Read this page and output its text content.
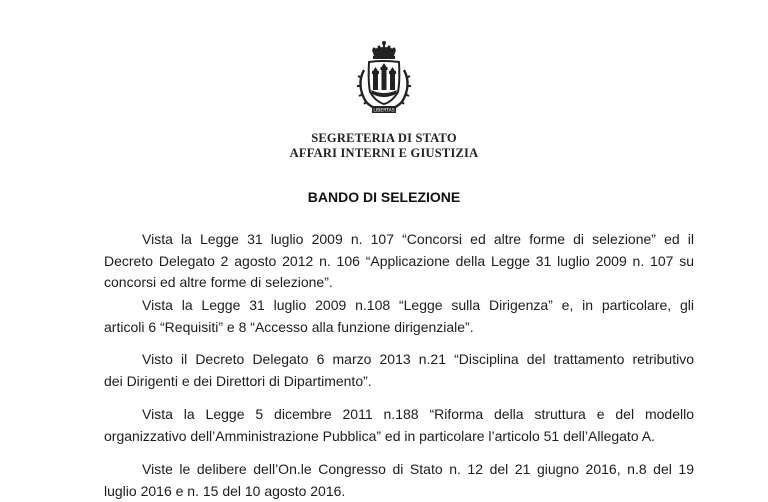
LIBERTAS
SEGRETERIA DI STATO
AFFARI INTERNI E GIUSTIZIA
BANDO DI SELEZIONE
Vista la Legge 31 luglio 2009 n. 107 “Concorsi ed altre forme di selezione” ed il
Decreto Delegato 2 agosto 2012 n. 106 “Applicazione della Legge 31 luglio 2009 n. 107 su
concorsi ed altre forme di selezione”.
Vista la Legge 31 luglio 2009 n.108 “Legge sulla Dirigenza” e, in particolare, gli
articoli 6 “Requisiti” e 8 “Accesso alla funzione dirigenziale”.
Visto il Decreto Delegato 6 marzo 2013 n.21 “Disciplina del trattamento retributivo
dei Dirigenti e dei Direttori di Dipartimento”.
Vista la Legge 5 dicembre 2011 n.188 “Riforma della struttura e del modello
organizzativo dell’Amministrazione Pubblica” ed in particolare l’articolo 51 dell’Allegato A.
Viste le delibere dell’On.le Congresso di Stato n. 12 del 21 giugno 2016, n.8 del 19
luglio 2016 e n. 15 del 10 agosto 2016.
